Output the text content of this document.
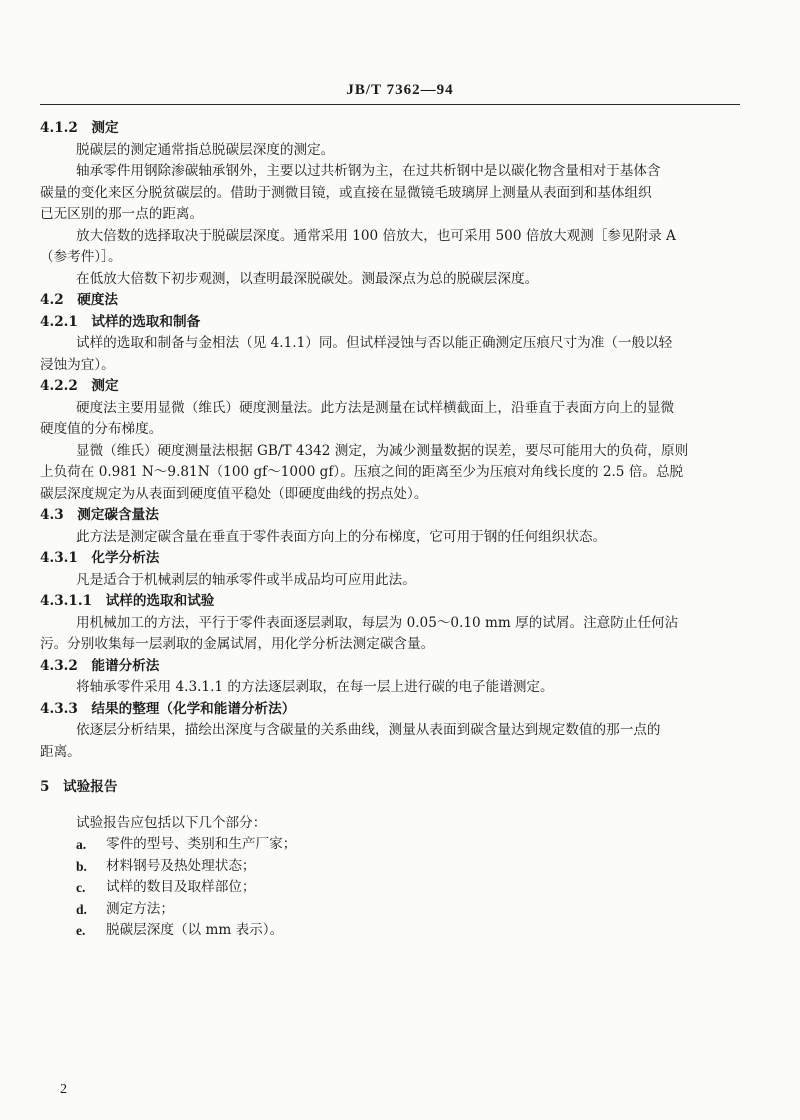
JB/T 7362—94
4.1.2　测定
脱碳层的测定通常指总脱碳层深度的测定。
轴承零件用钢除渗碳轴承钢外，主要以过共析钢为主，在过共析钢中是以碳化物含量相对于基体含
碳量的变化来区分脱贫碳层的。借助于测微目镜，或直接在显微镜毛玻璃屏上测量从表面到和基体组织
已无区别的那一点的距离。
放大倍数的选择取决于脱碳层深度。通常采用 100 倍放大，也可采用 500 倍放大观测［参见附录 A
（参考件）］。
在低放大倍数下初步观测，以查明最深脱碳处。测最深点为总的脱碳层深度。
4.2　硬度法
4.2.1　试样的选取和制备
试样的选取和制备与金相法（见 4.1.1）同。但试样浸蚀与否以能正确测定压痕尺寸为准（一般以轻
浸蚀为宜）。
4.2.2　测定
硬度法主要用显微（维氏）硬度测量法。此方法是测量在试样横截面上，沿垂直于表面方向上的显微
硬度值的分布梯度。
显微（维氏）硬度测量法根据 GB/T 4342 测定，为减少测量数据的误差，要尽可能用大的负荷，原则
上负荷在 0.981 N～9.81N（100 gf～1000 gf）。压痕之间的距离至少为压痕对角线长度的 2.5 倍。总脱
碳层深度规定为从表面到硬度值平稳处（即硬度曲线的拐点处）。
4.3　测定碳含量法
此方法是测定碳含量在垂直于零件表面方向上的分布梯度，它可用于钢的任何组织状态。
4.3.1　化学分析法
凡是适合于机械剥层的轴承零件或半成品均可应用此法。
4.3.1.1　试样的选取和试验
用机械加工的方法，平行于零件表面逐层剥取，每层为 0.05～0.10 mm 厚的试屑。注意防止任何沾
污。分别收集每一层剥取的金属试屑，用化学分析法测定碳含量。
4.3.2　能谱分析法
将轴承零件采用 4.3.1.1 的方法逐层剥取，在每一层上进行碳的电子能谱测定。
4.3.3　结果的整理（化学和能谱分析法）
依逐层分析结果，描绘出深度与含碳量的关系曲线，测量从表面到碳含量达到规定数值的那一点的
距离。
5　试验报告
试验报告应包括以下几个部分：
a.	零件的型号、类别和生产厂家；
b.	材料钢号及热处理状态；
c.	试样的数目及取样部位；
d.	测定方法；
e.	脱碳层深度（以 mm 表示）。
2
